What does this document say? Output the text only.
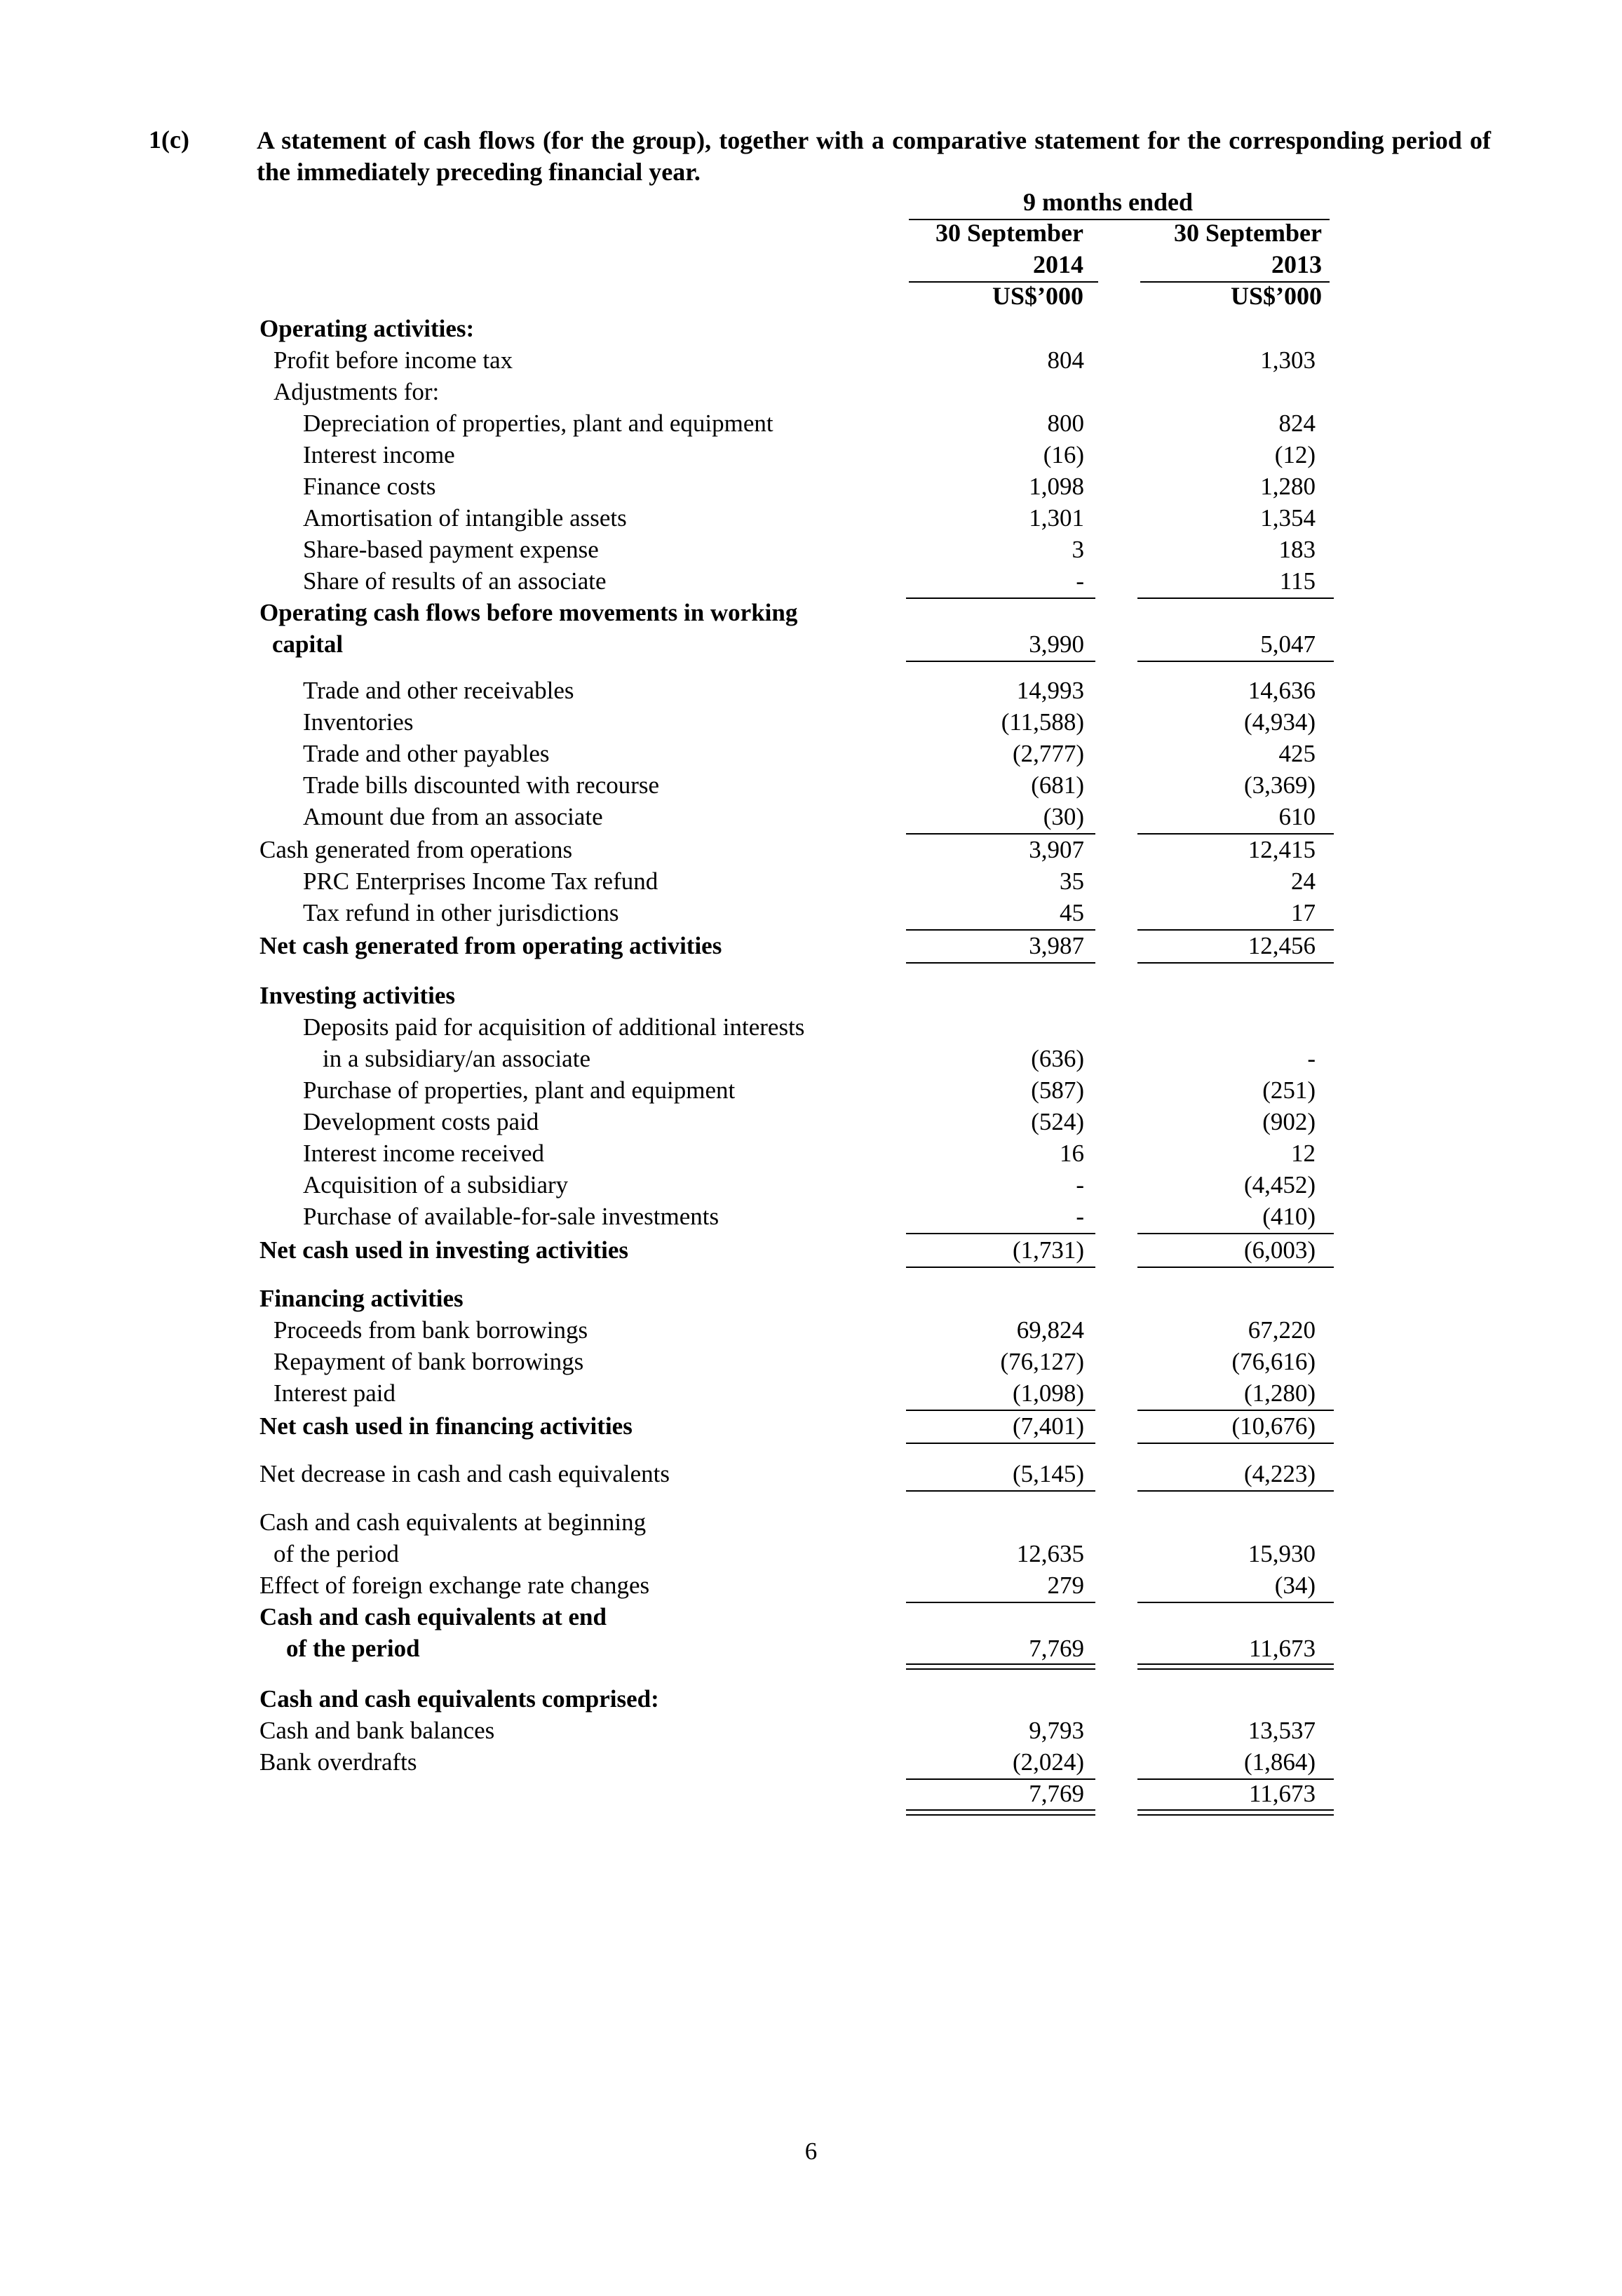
1(c)	A statement of cash flows (for the group), together with a comparative statement for the corresponding period of the immediately preceding financial year.
9 months ended
30 September	30 September
2014	2013
US$’000	US$’000
Operating activities:
Profit before income tax	804	1,303
Adjustments for:
Depreciation of properties, plant and equipment	800	824
Interest income	(16)	(12)
Finance costs	1,098	1,280
Amortisation of intangible assets	1,301	1,354
Share-based payment expense	3	183
Share of results of an associate	-	115
Operating cash flows before movements in working
capital	3,990	5,047
Trade and other receivables	14,993	14,636
Inventories	(11,588)	(4,934)
Trade and other payables	(2,777)	425
Trade bills discounted with recourse	(681)	(3,369)
Amount due from an associate	(30)	610
Cash generated from operations	3,907	12,415
PRC Enterprises Income Tax refund	35	24
Tax refund in other jurisdictions	45	17
Net cash generated from operating activities	3,987	12,456
Investing activities
Deposits paid for acquisition of additional interests
in a subsidiary/an associate	(636)	-
Purchase of properties, plant and equipment	(587)	(251)
Development costs paid	(524)	(902)
Interest income received	16	12
Acquisition of a subsidiary	-	(4,452)
Purchase of available-for-sale investments	-	(410)
Net cash used in investing activities	(1,731)	(6,003)
Financing activities
Proceeds from bank borrowings	69,824	67,220
Repayment of bank borrowings	(76,127)	(76,616)
Interest paid	(1,098)	(1,280)
Net cash used in financing activities	(7,401)	(10,676)
Net decrease in cash and cash equivalents	(5,145)	(4,223)
Cash and cash equivalents at beginning
of the period	12,635	15,930
Effect of foreign exchange rate changes	279	(34)
Cash and cash equivalents at end
of the period	7,769	11,673
Cash and cash equivalents comprised:
Cash and bank balances	9,793	13,537
Bank overdrafts	(2,024)	(1,864)
7,769	11,673
6
